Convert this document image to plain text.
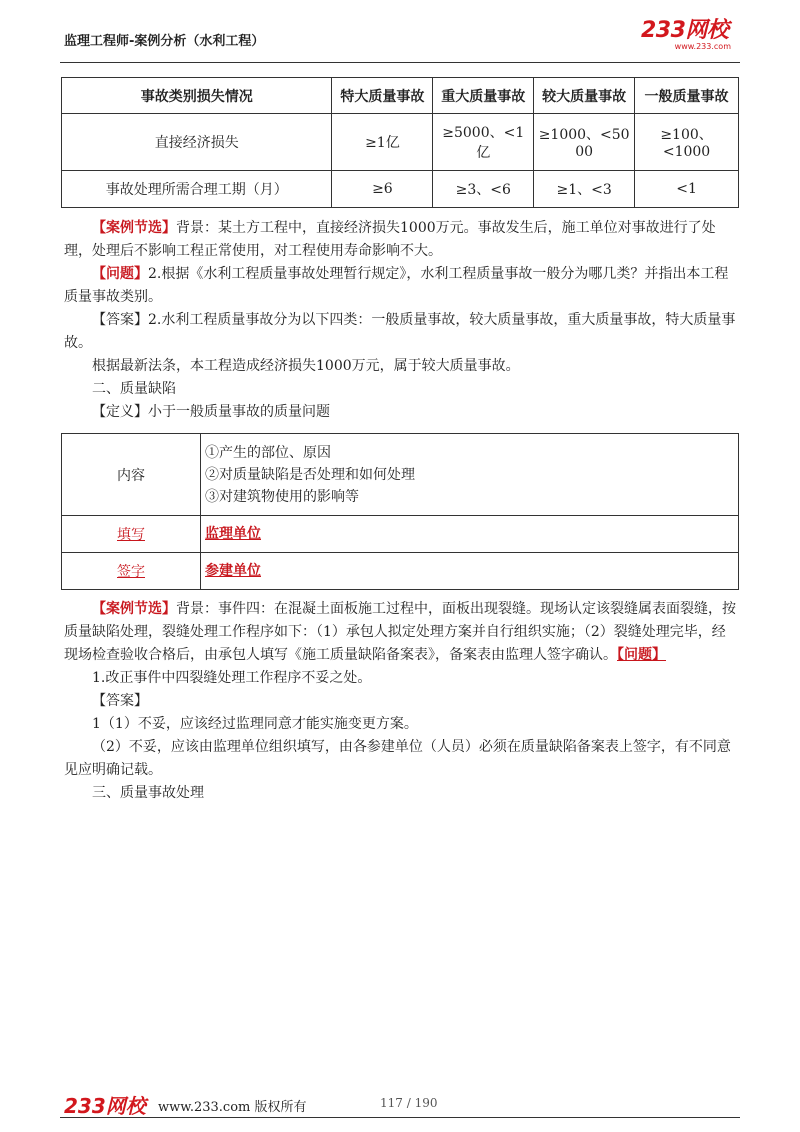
监理工程师-案例分析（水利工程）	233网校
www.233.com
事故类别损失情况	特大质量事故	重大质量事故	较大质量事故	一般质量事故
直接经济损失	≥1亿	≥5000、<1亿	≥1000、<5000	≥100、<1000
事故处理所需合理工期（月）	≥6	≥3、<6	≥1、<3	<1

【案例节选】背景：某土方工程中，直接经济损失1000万元。事故发生后，施工单位对事故进行了处理，处理后不影响工程正常使用，对工程使用寿命影响不大。

【问题】2.根据《水利工程质量事故处理暂行规定》，水利工程质量事故一般分为哪几类？并指出本工程质量事故类别。

【答案】2.水利工程质量事故分为以下四类：一般质量事故，较大质量事故，重大质量事故，特大质量事故。

根据最新法条，本工程造成经济损失1000万元，属于较大质量事故。

二、质量缺陷

【定义】小于一般质量事故的质量问题

内容	①产生的部位、原因
②对质量缺陷是否处理和如何处理
③对建筑物使用的影响等

填写	监理单位
签字	参建单位

【案例节选】背景：事件四：在混凝土面板施工过程中，面板出现裂缝。现场认定该裂缝属表面裂缝，按质量缺陷处理，裂缝处理工作程序如下：（1）承包人拟定处理方案并自行组织实施；（2）裂缝处理完毕，经现场检查验收合格后，由承包人填写《施工质量缺陷备案表》，备案表由监理人签字确认。【问题】

1.改正事件中四裂缝处理工作程序不妥之处。

【答案】

1（1）不妥，应该经过监理同意才能实施变更方案。

（2）不妥，应该由监理单位组织填写，由各参建单位（人员）必须在质量缺陷备案表上签字，有不同意见应明确记载。

三、质量事故处理

233网校 www.233.com 版权所有	117 / 190
